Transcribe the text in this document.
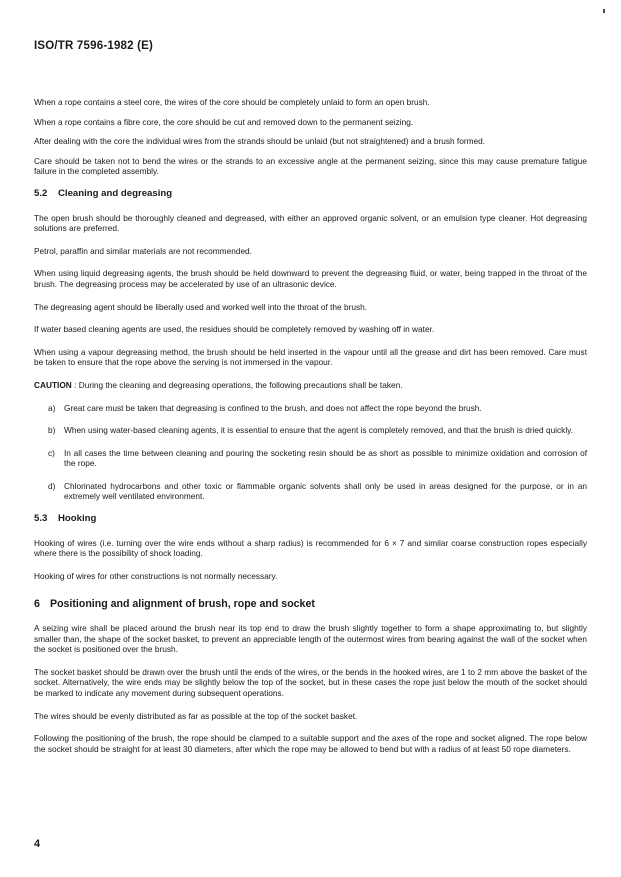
ISO/TR 7596-1982 (E)

When a rope contains a steel core, the wires of the core should be completely unlaid to form an open brush.

When a rope contains a fibre core, the core should be cut and removed down to the permanent seizing.

After dealing with the core the individual wires from the strands should be unlaid (but not straightened) and a brush formed.

Care should be taken not to bend the wires or the strands to an excessive angle at the permanent seizing, since this may cause premature fatigue failure in the completed assembly.

5.2 Cleaning and degreasing

The open brush should be thoroughly cleaned and degreased, with either an approved organic solvent, or an emulsion type cleaner. Hot degreasing solutions are preferred.

Petrol, paraffin and similar materials are not recommended.

When using liquid degreasing agents, the brush should be held downward to prevent the degreasing fluid, or water, being trapped in the throat of the brush. The degreasing process may be accelerated by use of an ultrasonic device.

The degreasing agent should be liberally used and worked well into the throat of the brush.

If water based cleaning agents are used, the residues should be completely removed by washing off in water.

When using a vapour degreasing method, the brush should be held inserted in the vapour until all the grease and dirt has been removed. Care must be taken to ensure that the rope above the serving is not immersed in the vapour.

CAUTION : During the cleaning and degreasing operations, the following precautions shall be taken.

a)	Great care must be taken that degreasing is confined to the brush, and does not affect the rope beyond the brush.
b)	When using water-based cleaning agents, it is essential to ensure that the agent is completely removed, and that the brush is dried quickly.
c)	In all cases the time between cleaning and pouring the socketing resin should be as short as possible to minimize oxidation and corrosion of the rope.
d)	Chlorinated hydrocarbons and other toxic or flammable organic solvents shall only be used in areas designed for the purpose, or in an extremely well ventilated environment.
5.3 Hooking

Hooking of wires (i.e. turning over the wire ends without a sharp radius) is recommended for 6 × 7 and similar coarse construction ropes especially where there is the possibility of shock loading.

Hooking of wires for other constructions is not normally necessary.

6 Positioning and alignment of brush, rope and socket

A seizing wire shall be placed around the brush near its top end to draw the brush slightly together to form a shape approximating to, but slightly smaller than, the shape of the socket basket, to prevent an appreciable length of the outermost wires from bearing against the wall of the socket when the socket is positioned over the brush.

The socket basket should be drawn over the brush until the ends of the wires, or the bends in the hooked wires, are 1 to 2 mm above the basket of the socket. Alternatively, the wire ends may be slightly below the top of the socket, but in these cases the rope just below the mouth of the socket should be marked to indicate any movement during subsequent operations.

The wires should be evenly distributed as far as possible at the top of the socket basket.

Following the positioning of the brush, the rope should be clamped to a suitable support and the axes of the rope and socket aligned. The rope below the socket should be straight for at least 30 diameters, after which the rope may be allowed to bend but with a radius of at least 50 rope diameters.

4
